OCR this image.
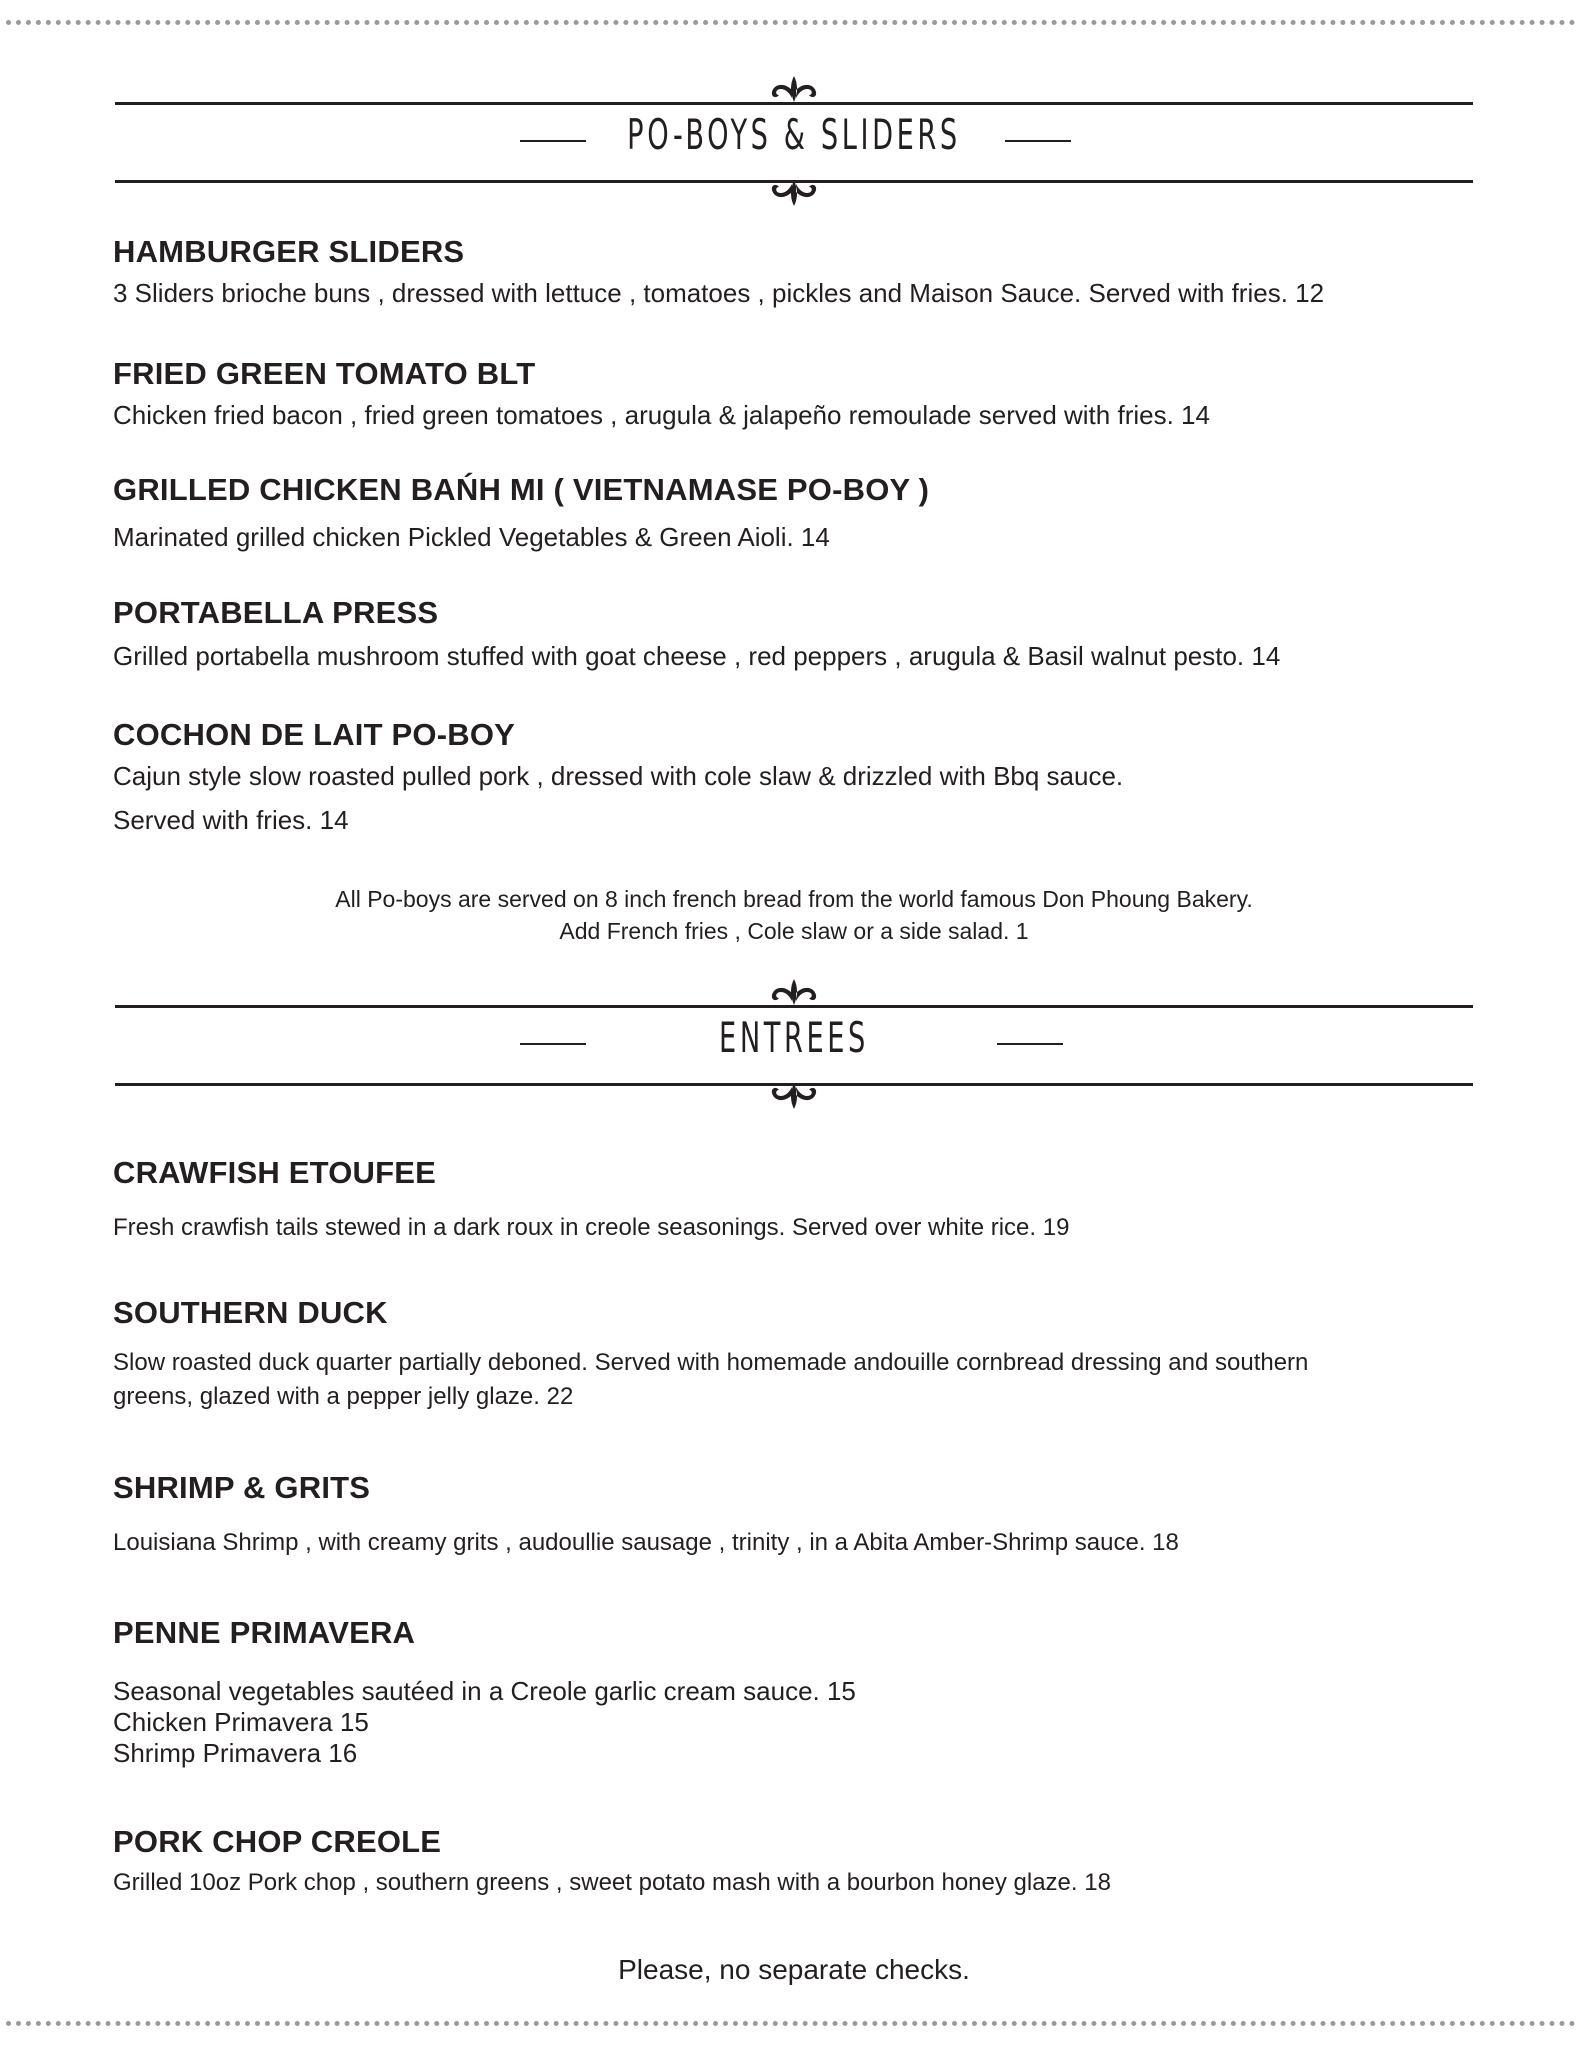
PO-BOYS & SLIDERS

HAMBURGER SLIDERS

3 Sliders brioche buns , dressed with lettuce , tomatoes , pickles and Maison Sauce. Served with fries. 12

FRIED GREEN TOMATO BLT

Chicken fried bacon , fried green tomatoes , arugula & jalapeño remoulade served with fries. 14

GRILLED CHICKEN BAŃH MI ( VIETNAMASE PO-BOY )

Marinated grilled chicken Pickled Vegetables & Green Aioli. 14

PORTABELLA PRESS

Grilled portabella mushroom stuffed with goat cheese , red peppers , arugula & Basil walnut pesto. 14

COCHON DE LAIT PO-BOY

Cajun style slow roasted pulled pork , dressed with cole slaw & drizzled with Bbq sauce.

Served with fries. 14

All Po-boys are served on 8 inch french bread from the world famous Don Phoung Bakery.
Add French fries , Cole slaw or a side salad. 1
ENTREES

CRAWFISH ETOUFEE

Fresh crawfish tails stewed in a dark roux in creole seasonings. Served over white rice. 19

SOUTHERN DUCK

Slow roasted duck quarter partially deboned. Served with homemade andouille cornbread dressing and southern

greens, glazed with a pepper jelly glaze. 22

SHRIMP & GRITS

Louisiana Shrimp , with creamy grits , audoullie sausage , trinity , in a Abita Amber-Shrimp sauce. 18

PENNE PRIMAVERA

Seasonal vegetables sautéed in a Creole garlic cream sauce. 15

Chicken Primavera 15

Shrimp Primavera 16

PORK CHOP CREOLE

Grilled 10oz Pork chop , southern greens , sweet potato mash with a bourbon honey glaze. 18

Please, no separate checks.
